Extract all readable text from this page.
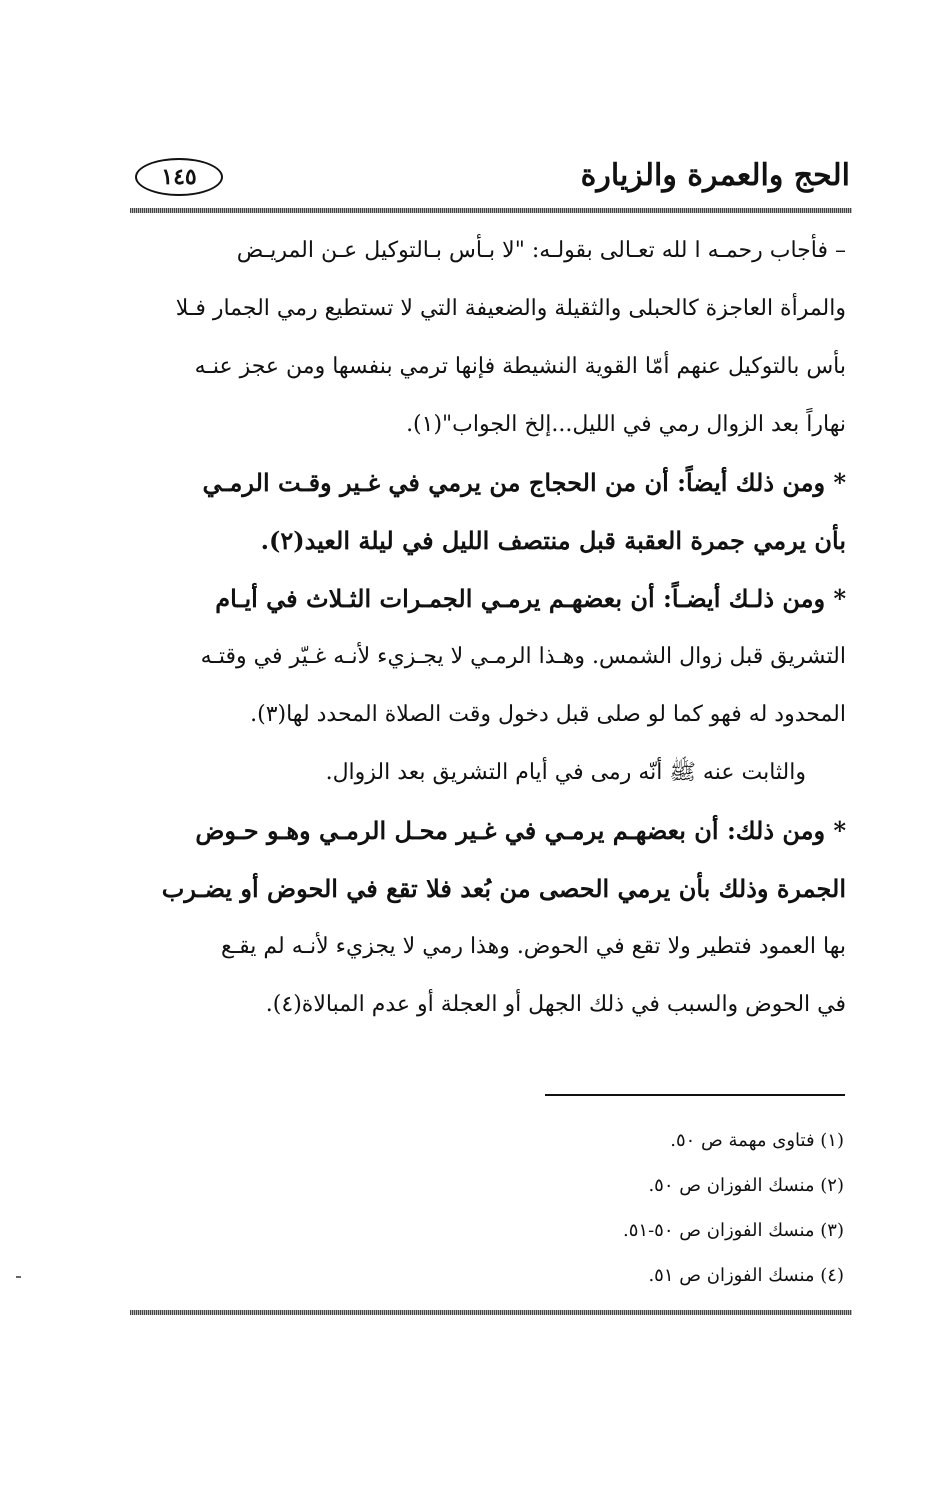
الحج والعمرة والزيارة
١٤٥
– فأجاب رحمـه ا لله تعـالى بقولـه: "لا بـأس بـالتوكيل عـن المريـض
والمرأة العاجزة كالحبلى والثقيلة والضعيفة التي لا تستطيع رمي الجمار فـلا
بأس بالتوكيل عنهم أمّا القوية النشيطة فإنها ترمي بنفسها ومن عجز عنـه
نهاراً بعد الزوال رمي في الليل...إلخ الجواب"(١).
* ومن ذلك أيضاً: أن من الحجاج من يرمي في غـير وقـت الرمـي
بأن يرمي جمرة العقبة قبل منتصف الليل في ليلة العيد(٢).
* ومن ذلـك أيضـاً: أن بعضهـم يرمـي الجمـرات الثـلاث في أيـام
التشريق قبل زوال الشمس. وهـذا الرمـي لا يجـزيء لأنـه غـيّر في وقتـه
المحدود له فهو كما لو صلى قبل دخول وقت الصلاة المحدد لها(٣).
والثابت عنه ﷺ أنّه رمى في أيام التشريق بعد الزوال.
* ومن ذلك: أن بعضهـم يرمـي في غـير محـل الرمـي وهـو حـوض
الجمرة وذلك بأن يرمي الحصى من بُعد فلا تقع في الحوض أو يضـرب
بها العمود فتطير ولا تقع في الحوض. وهذا رمي لا يجزيء لأنـه لم يقـع
في الحوض والسبب في ذلك الجهل أو العجلة أو عدم المبالاة(٤).
(١) فتاوى مهمة ص ٥٠.
(٢) منسك الفوزان ص ٥٠.
(٣) منسك الفوزان ص ٥٠-٥١.
(٤) منسك الفوزان ص ٥١.
